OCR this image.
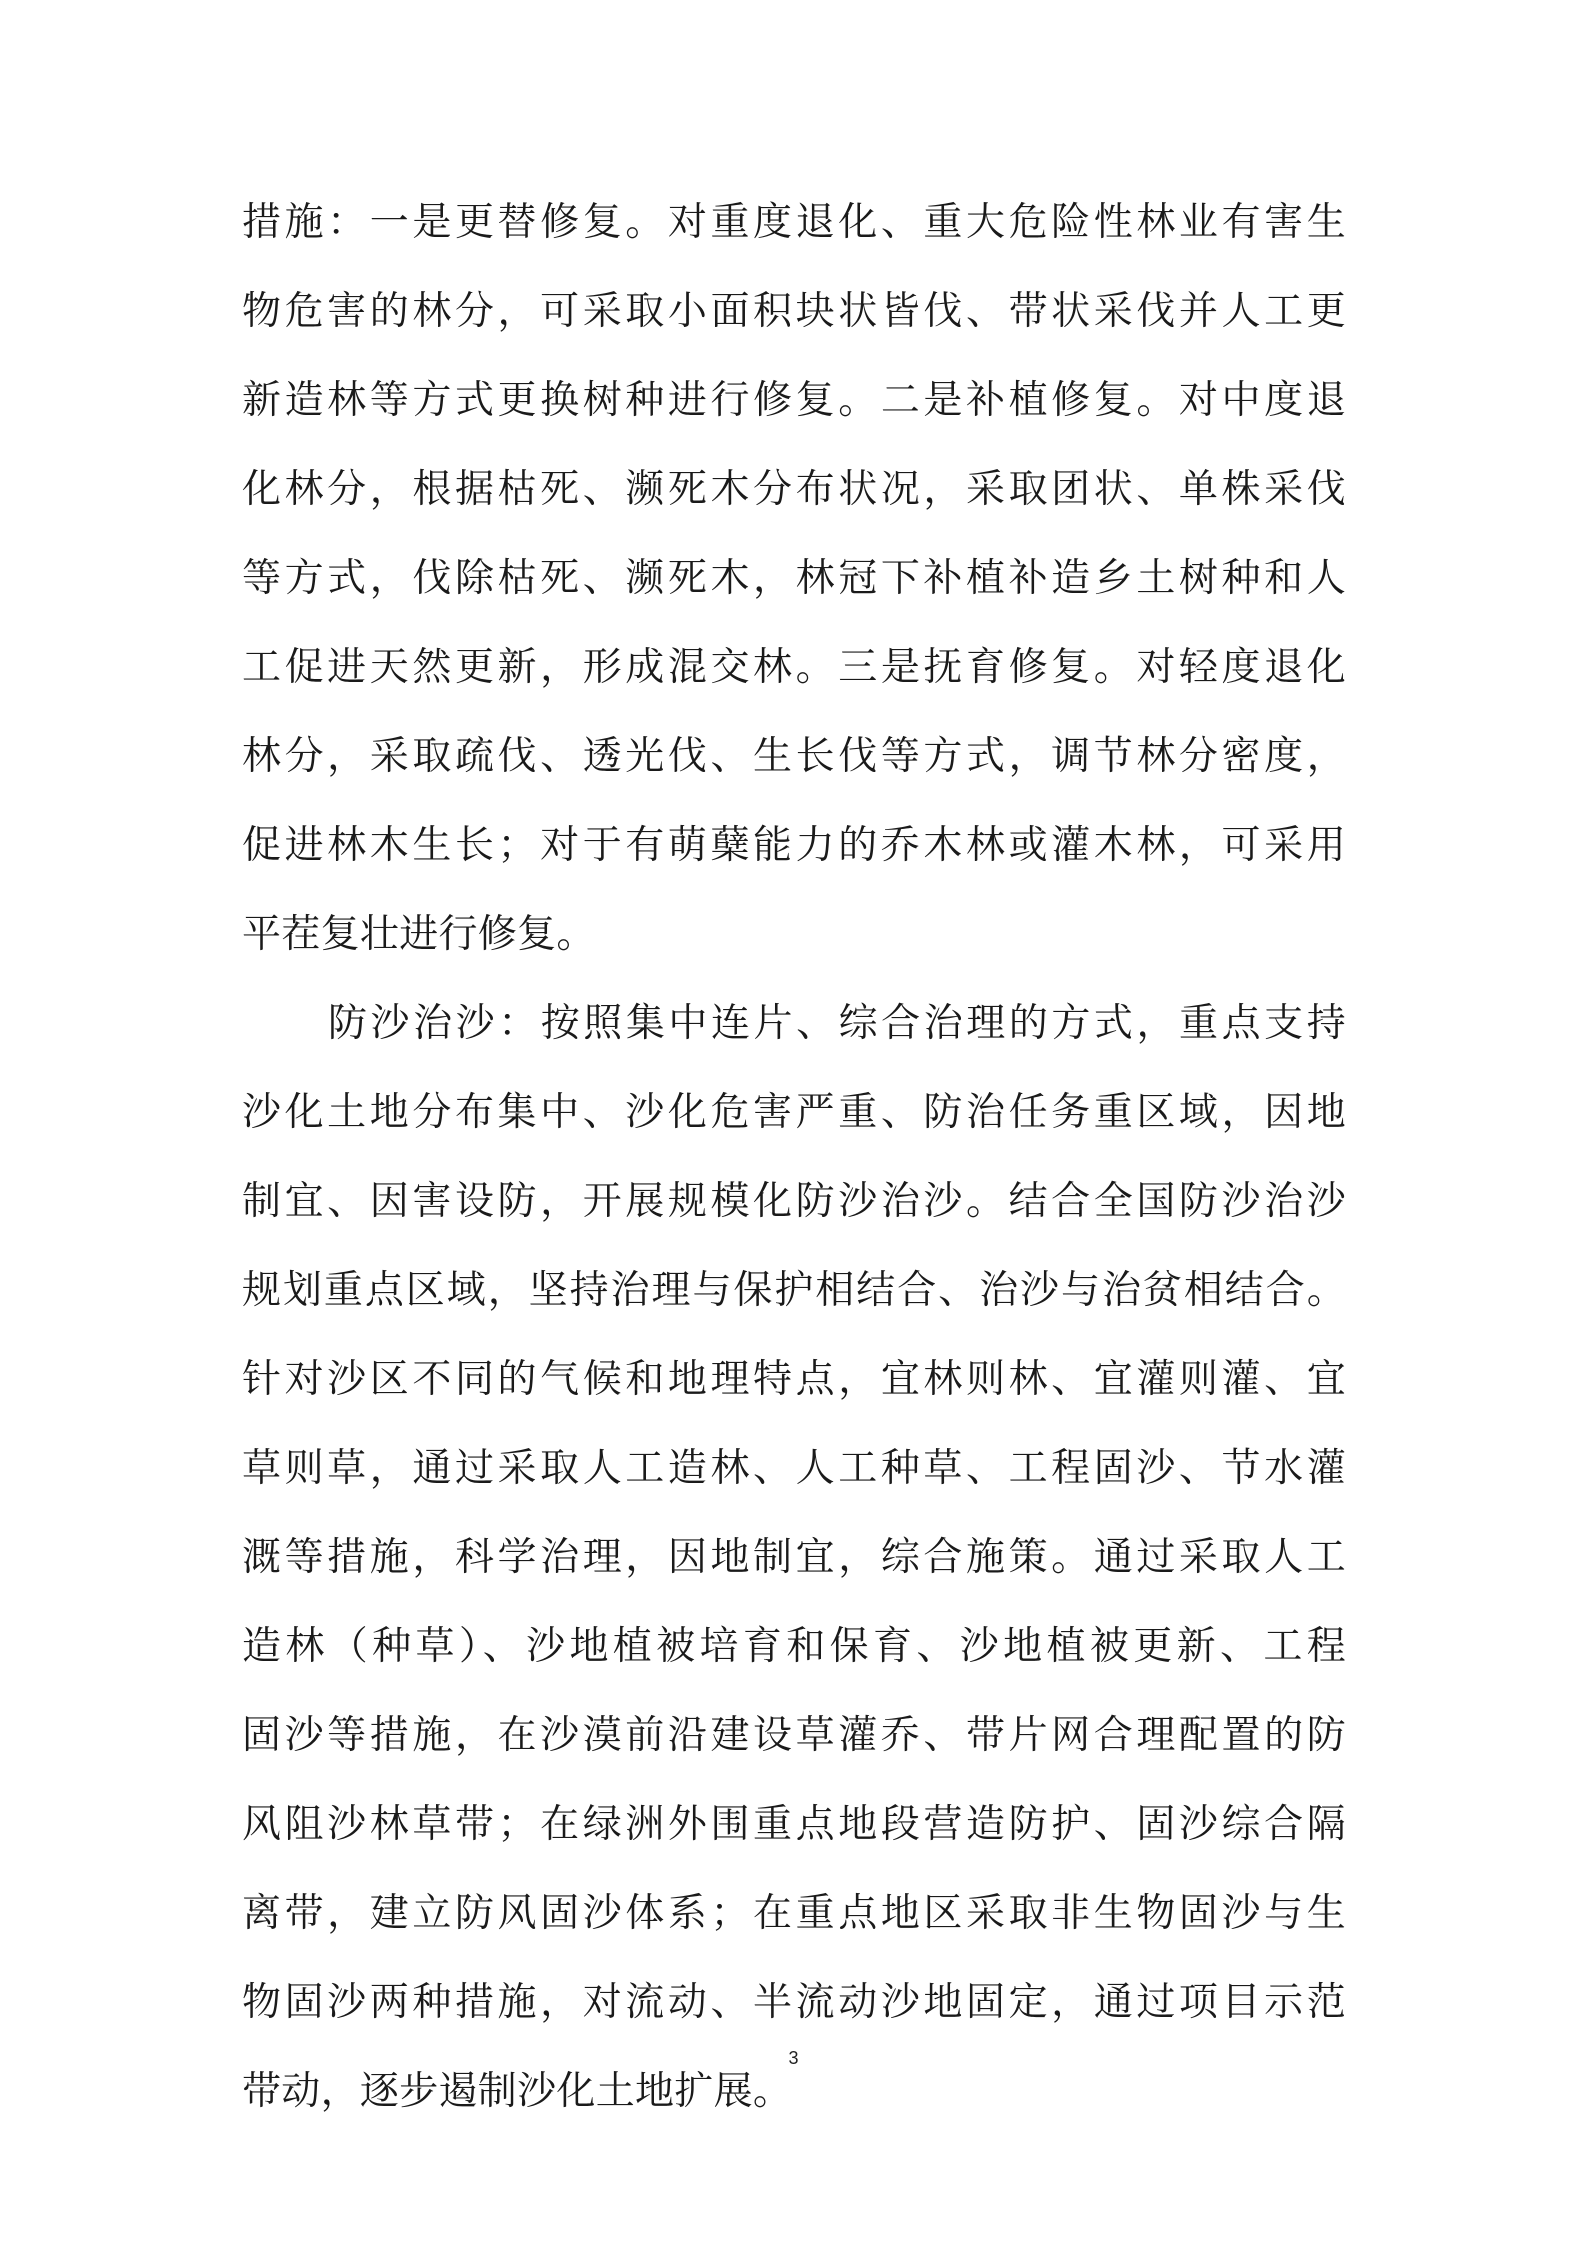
措施：一是更替修复。对重度退化、重大危险性林业有害生
物危害的林分，可采取小面积块状皆伐、带状采伐并人工更
新造林等方式更换树种进行修复。二是补植修复。对中度退
化林分，根据枯死、濒死木分布状况，采取团状、单株采伐
等方式，伐除枯死、濒死木，林冠下补植补造乡土树种和人
工促进天然更新，形成混交林。三是抚育修复。对轻度退化
林分，采取疏伐、透光伐、生长伐等方式，调节林分密度，
促进林木生长；对于有萌蘖能力的乔木林或灌木林，可采用
平茬复壮进行修复。
防沙治沙：按照集中连片、综合治理的方式，重点支持
沙化土地分布集中、沙化危害严重、防治任务重区域，因地
制宜、因害设防，开展规模化防沙治沙。结合全国防沙治沙
规划重点区域，坚持治理与保护相结合、治沙与治贫相结合。
针对沙区不同的气候和地理特点，宜林则林、宜灌则灌、宜
草则草，通过采取人工造林、人工种草、工程固沙、节水灌
溉等措施，科学治理，因地制宜，综合施策。通过采取人工
造林（种草）、沙地植被培育和保育、沙地植被更新、工程
固沙等措施，在沙漠前沿建设草灌乔、带片网合理配置的防
风阻沙林草带；在绿洲外围重点地段营造防护、固沙综合隔
离带，建立防风固沙体系；在重点地区采取非生物固沙与生
物固沙两种措施，对流动、半流动沙地固定，通过项目示范
带动，逐步遏制沙化土地扩展。
3
